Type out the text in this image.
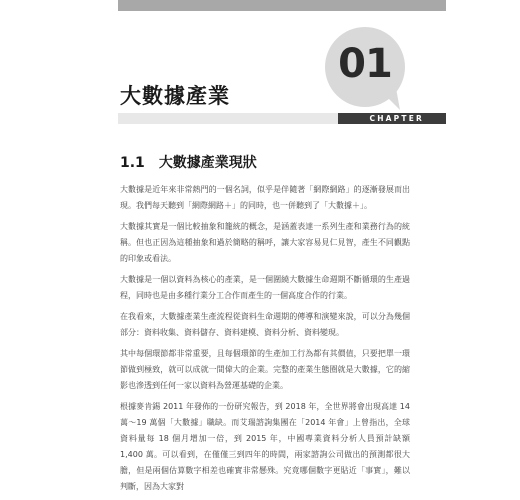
大數據產業
01
CHAPTER
1.1 大數據產業現狀

大數據是近年來非常熱門的一個名詞，似乎是伴隨著「網際網路」的逐漸發展而出現。我們每天聽到「網際網路＋」的同時，也一併聽到了「大數據＋」。

大數據其實是一個比較抽象和籠統的概念，是涵蓋表達一系列生產和業務行為的統稱。但也正因為這種抽象和過於簡略的稱呼，讓大家容易見仁見智，產生不同觀點的印象或看法。

大數據是一個以資料為核心的產業，是一個圍繞大數據生命週期不斷循環的生產過程，同時也是由多種行業分工合作而產生的一個高度合作的行業。

在我看來，大數據產業生產流程從資料生命週期的傳導和演變來說，可以分為幾個部分：資料收集、資料儲存、資料建模、資料分析、資料變現。

其中每個環節都非常重要，且每個環節的生產加工行為都有其價值，只要把單一環節做到極致，就可以成就一間偉大的企業。完整的產業生態圈就是大數據，它的縮影也滲透到任何一家以資料為營運基礎的企業。

根據麥肯錫 2011 年發佈的一份研究報告，到 2018 年，全世界將會出現高達 14 萬～19 萬個「大數據」職缺。而艾瑞諮詢集團在「2014 年會」上曾指出，全球資料量每 18 個月增加一倍，到 2015 年，中國專業資料分析人員預計缺額 1,400 萬。可以看到，在僅僅三到四年的時間，兩家諮詢公司做出的預測都很大膽，但是兩個估算數字相差也確實非常懸殊。究竟哪個數字更貼近「事實」，難以判斷，因為大家對
